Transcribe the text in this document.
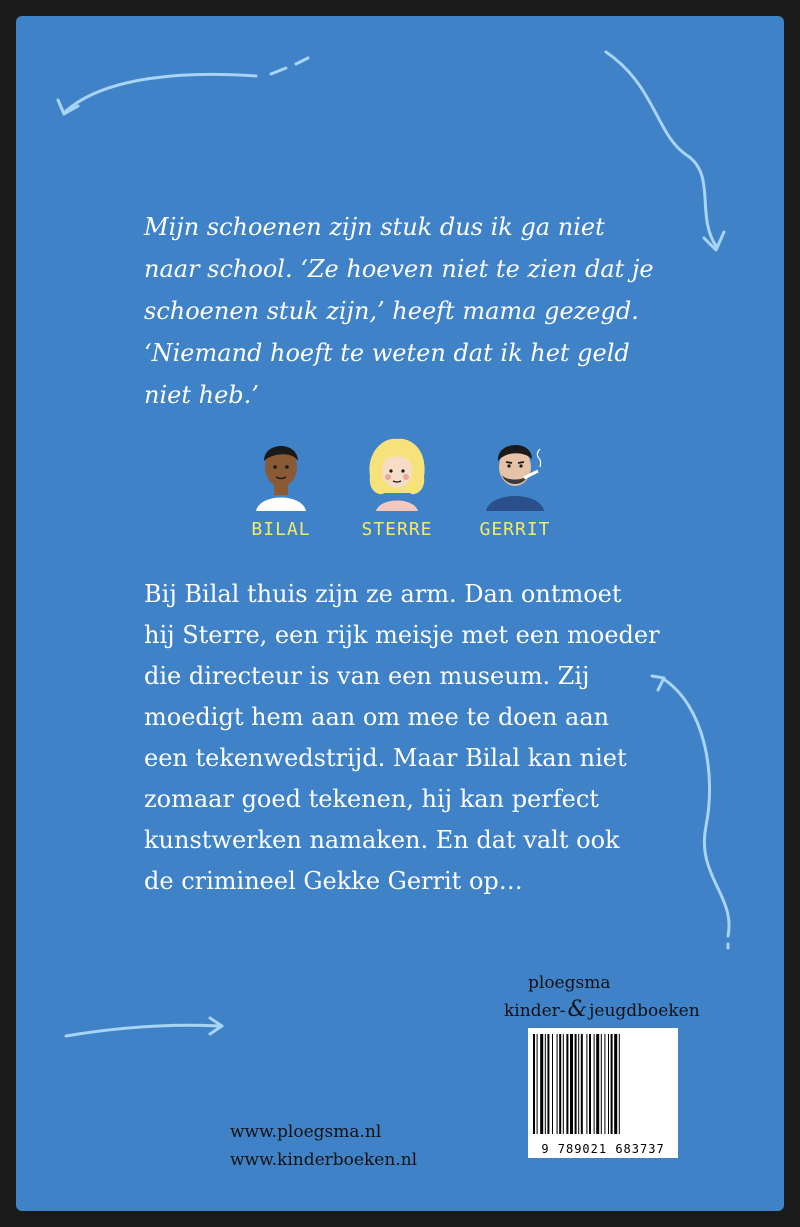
Mijn schoenen zijn stuk dus ik ga niet
naar school. ‘Ze hoeven niet te zien dat je
schoenen stuk zijn,’ heeft mama gezegd.
‘Niemand hoeft te weten dat ik het geld
niet heb.’

BILAL	STERRE	GERRIT

Bij Bilal thuis zijn ze arm. Dan ontmoet
hij Sterre, een rijk meisje met een moeder
die directeur is van een museum. Zij
moedigt hem aan om mee te doen aan
een tekenwedstrijd. Maar Bilal kan niet
zomaar goed tekenen, hij kan perfect
kunstwerken namaken. En dat valt ook
de crimineel Gekke Gerrit op…

ploegsma
kinder-& jeugdboeken
9 789021 683737
www.ploegsma.nl
www.kinderboeken.nl
